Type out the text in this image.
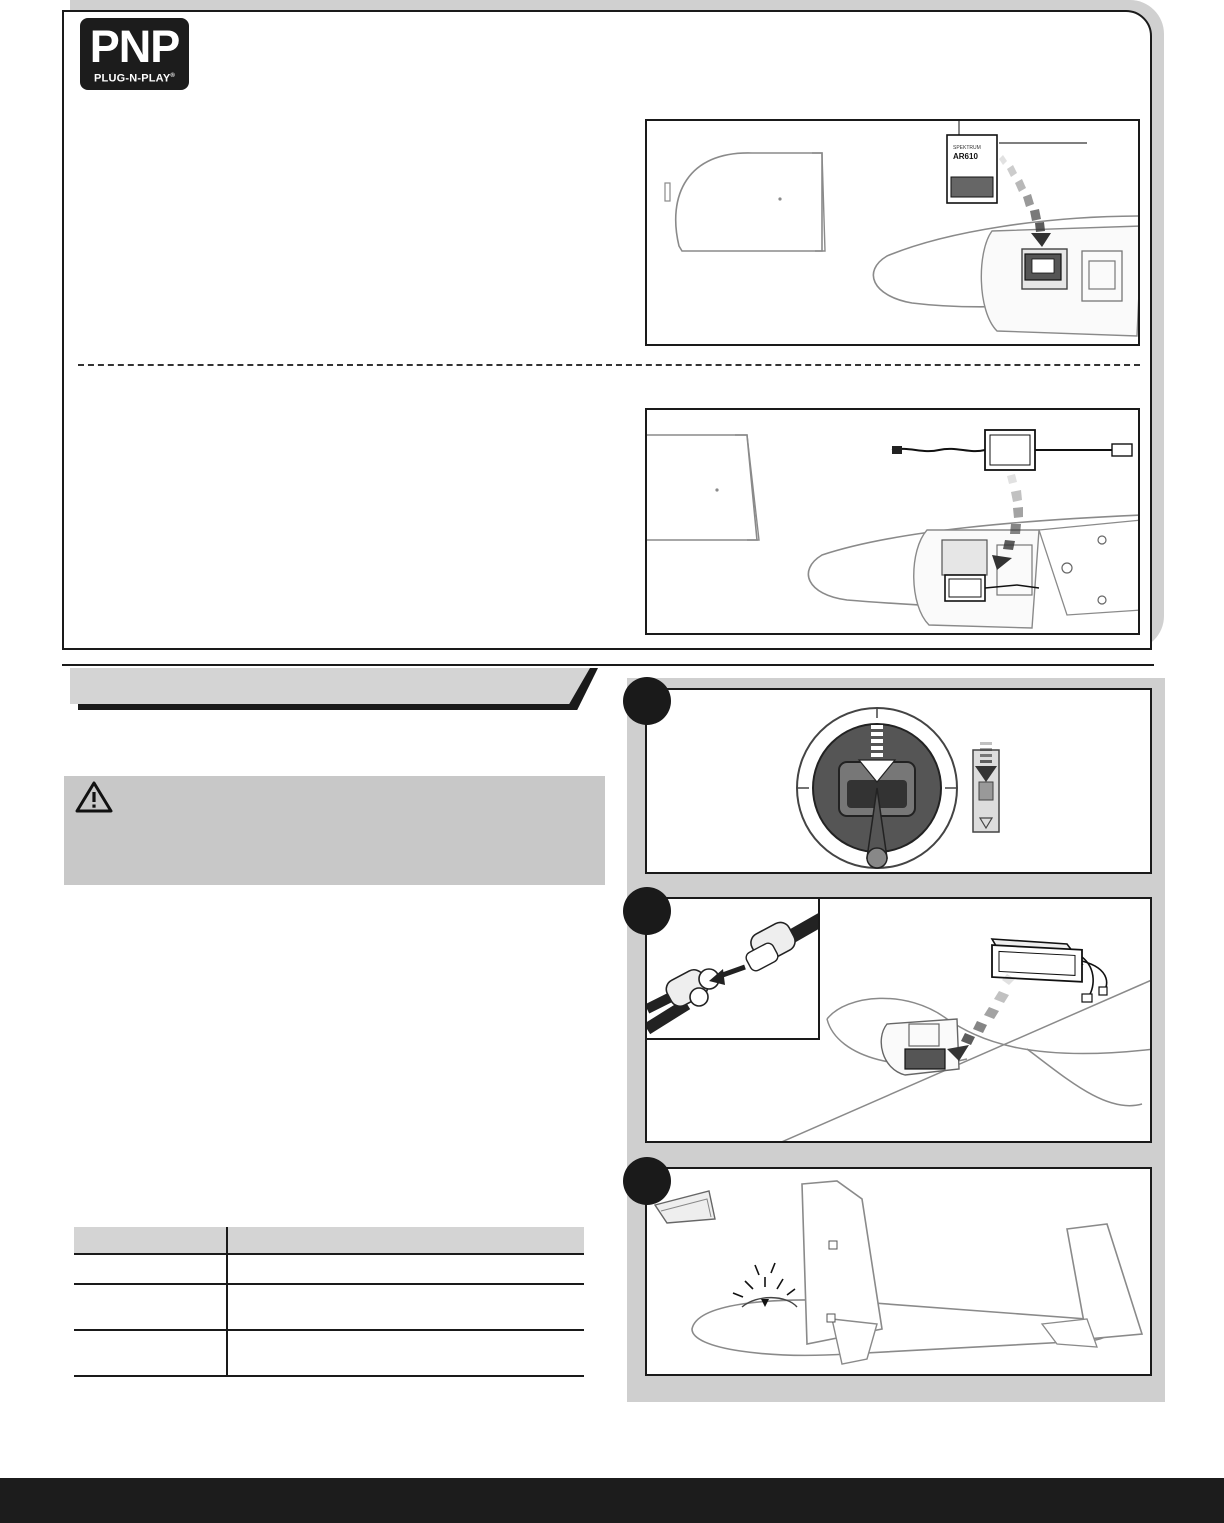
PNP
PLUG-N-PLAY®
SPEKTRUM
AR610
